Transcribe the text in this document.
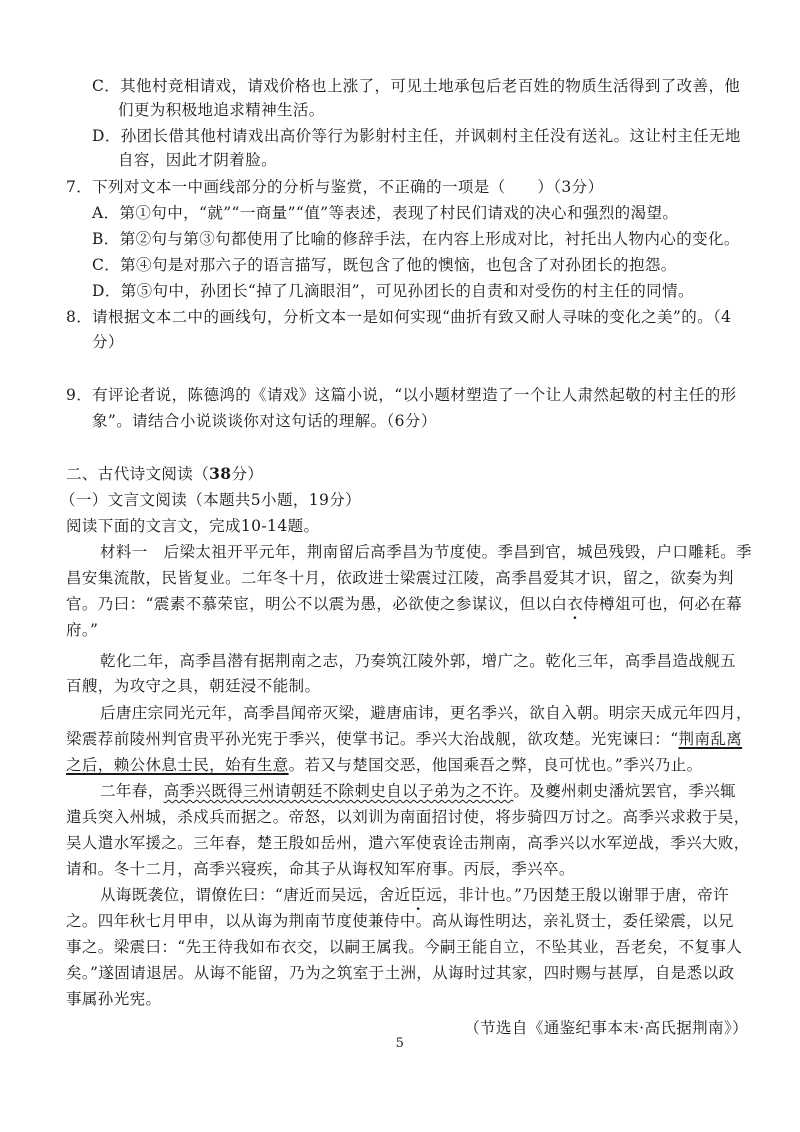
C．其他村竞相请戏，请戏价格也上涨了，可见土地承包后老百姓的物质生活得到了改善，他
们更为积极地追求精神生活。
D．孙团长借其他村请戏出高价等行为影射村主任，并讽刺村主任没有送礼。这让村主任无地
自容，因此才阴着脸。
7．下列对文本一中画线部分的分析与鉴赏，不正确的一项是（　　）（3分）
A．第①句中，“就”“一商量”“值”等表述，表现了村民们请戏的决心和强烈的渴望。
B．第②句与第③句都使用了比喻的修辞手法，在内容上形成对比，衬托出人物内心的变化。
C．第④句是对那六子的语言描写，既包含了他的懊恼，也包含了对孙团长的抱怨。
D．第⑤句中，孙团长“掉了几滴眼泪”，可见孙团长的自责和对受伤的村主任的同情。
8．请根据文本二中的画线句，分析文本一是如何实现“曲折有致又耐人寻味的变化之美”的。（4
分）
9．有评论者说，陈德鸿的《请戏》这篇小说，“以小题材塑造了一个让人肃然起敬的村主任的形
象”。请结合小说谈谈你对这句话的理解。（6分）
二、古代诗文阅读（38分）
（一）文言文阅读（本题共5小题，19分）
阅读下面的文言文，完成10-14题。
材料一　后梁太祖开平元年，荆南留后高季昌为节度使。季昌到官，城邑残毁，户口雕耗。季
昌安集流散，民皆复业。二年冬十月，依政进士梁震过江陵，高季昌爱其才识，留之，欲奏为判
官。乃曰：“震素不慕荣宦，明公不以震为愚，必欲使之参谋议，但以白衣侍樽俎可也，何必在幕
府。”
乾化二年，高季昌潜有据荆南之志，乃奏筑江陵外郭，增广之。乾化三年，高季昌造战舰五
百艘，为攻守之具，朝廷浸不能制。
后唐庄宗同光元年，高季昌闻帝灭梁，避唐庙讳，更名季兴，欲自入朝。明宗天成元年四月，
梁震荐前陵州判官贵平孙光宪于季兴，使掌书记。季兴大治战舰，欲攻楚。光宪谏曰：“荆南乱离
之后，赖公休息士民，始有生意。若又与楚国交恶，他国乘吾之弊，良可忧也。”季兴乃止。
二年春，高季兴既得三州请朝廷不除刺史自以子弟为之不许。及夔州刺史潘炕罢官，季兴辄
遣兵突入州城，杀戍兵而据之。帝怒，以刘训为南面招讨使，将步骑四万讨之。高季兴求救于吴，
吴人遣水军援之。三年春，楚王殷如岳州，遣六军使袁诠击荆南，高季兴以水军逆战，季兴大败，
请和。冬十二月，高季兴寝疾，命其子从诲权知军府事。丙辰，季兴卒。
从诲既袭位，谓僚佐曰：“唐近而吴远，舍近臣远，非计也。”乃因楚王殷以谢罪于唐，帝许
之。四年秋七月甲申，以从诲为荆南节度使兼侍中。高从诲性明达，亲礼贤士，委任梁震，以兄
事之。梁震曰：“先王待我如布衣交，以嗣王属我。今嗣王能自立，不坠其业，吾老矣，不复事人
矣。”遂固请退居。从诲不能留，乃为之筑室于土洲，从诲时过其家，四时赐与甚厚，自是悉以政
事属孙光宪。
（节选自《通鉴纪事本末·高氏据荆南》）
5
